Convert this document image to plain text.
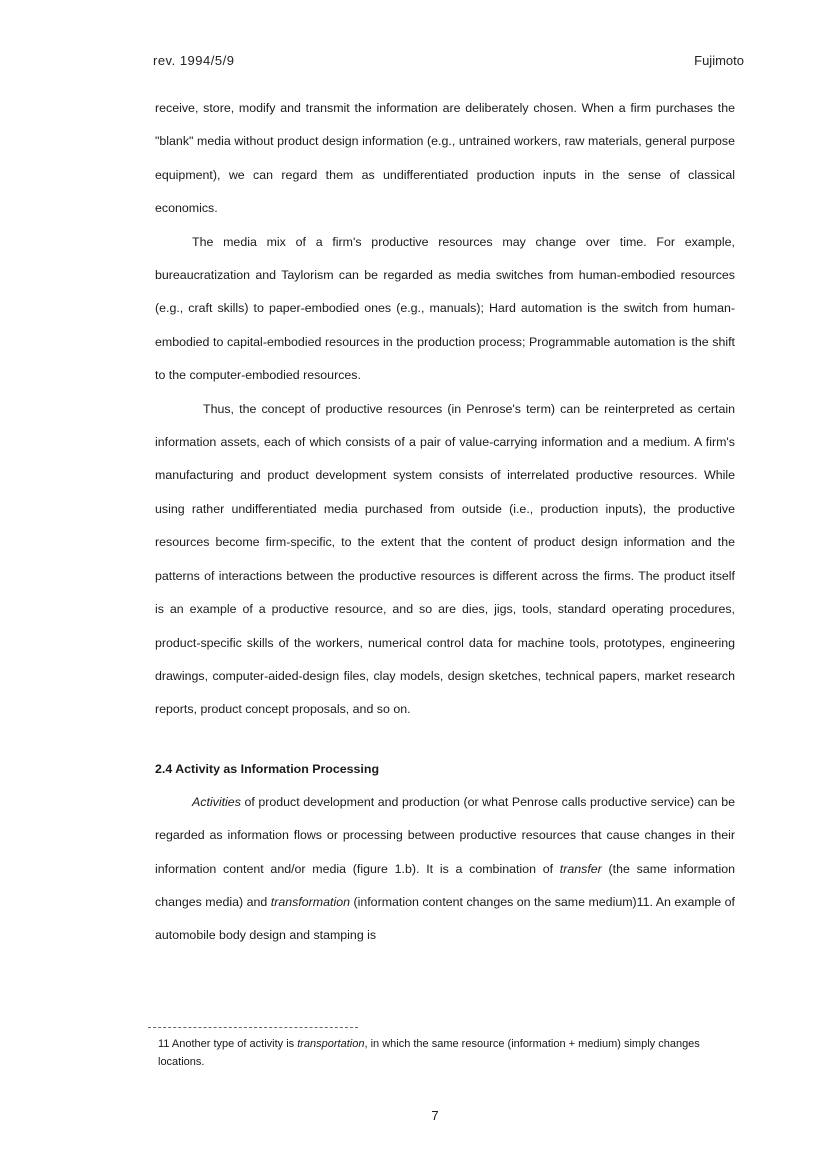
rev. 1994/5/9	Fujimoto

receive, store, modify and transmit the information are deliberately chosen. When a firm purchases the "blank" media without product design information (e.g., untrained workers, raw materials, general purpose equipment), we can regard them as undifferentiated production inputs in the sense of classical economics.

The media mix of a firm's productive resources may change over time. For example, bureaucratization and Taylorism can be regarded as media switches from human-embodied resources (e.g., craft skills) to paper-embodied ones (e.g., manuals); Hard automation is the switch from human-embodied to capital-embodied resources in the production process; Programmable automation is the shift to the computer-embodied resources.

Thus, the concept of productive resources (in Penrose's term) can be reinterpreted as certain information assets, each of which consists of a pair of value-carrying information and a medium. A firm's manufacturing and product development system consists of interrelated productive resources. While using rather undifferentiated media purchased from outside (i.e., production inputs), the productive resources become firm-specific, to the extent that the content of product design information and the patterns of interactions between the productive resources is different across the firms. The product itself is an example of a productive resource, and so are dies, jigs, tools, standard operating procedures, product-specific skills of the workers, numerical control data for machine tools, prototypes, engineering drawings, computer-aided-design files, clay models, design sketches, technical papers, market research reports, product concept proposals, and so on.

2.4 Activity as Information Processing

Activities of product development and production (or what Penrose calls productive service) can be regarded as information flows or processing between productive resources that cause changes in their information content and/or media (figure 1.b). It is a combination of transfer (the same information changes media) and transformation (information content changes on the same medium)11. An example of automobile body design and stamping is

11 Another type of activity is transportation, in which the same resource (information + medium) simply changes locations.

7
